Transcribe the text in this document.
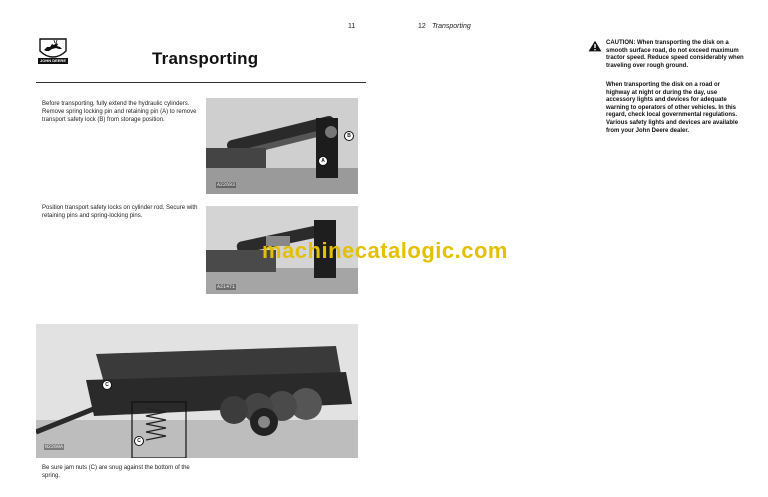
11
JOHN DEERE	Transporting
Before transporting, fully extend the hydraulic cylinders. Remove spring locking pin and retaining pin (A) to remove transport safety lock (B) from storage position.
B
A
A22693
Position transport safety locks on cylinder rod. Secure with retaining pins and spring-locking pins.
A21471
C
C
N2260A
Be sure jam nuts (C) are snug against the bottom of the spring.
12 Transporting
CAUTION: When transporting the disk on a smooth surface road, do not exceed maximum tractor speed. Reduce speed considerably when traveling over rough ground.
When transporting the disk on a road or highway at night or during the day, use accessory lights and devices for adequate warning to operators of other vehicles. In this regard, check local governmental regulations. Various safety lights and devices are available from your John Deere dealer.
machinecatalogic.com
